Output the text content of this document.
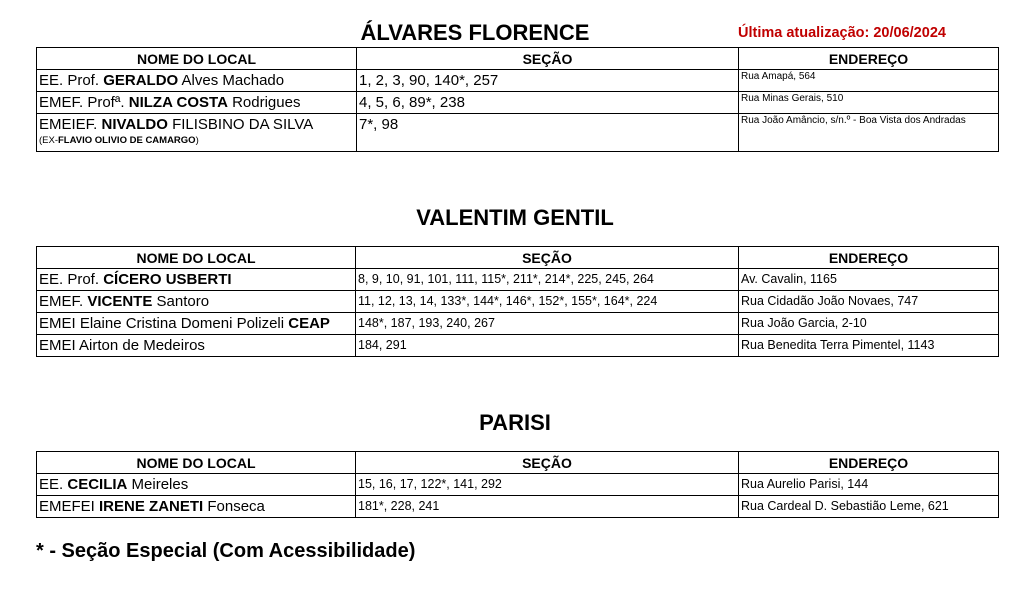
ÁLVARES FLORENCE	Última atualização: 20/06/2024
NOME DO LOCAL	SEÇÃO	ENDEREÇO
EE. Prof. GERALDO Alves Machado	1, 2, 3, 90, 140*, 257	Rua Amapá, 564
EMEF. Profª. NILZA COSTA Rodrigues	4, 5, 6, 89*, 238	Rua Minas Gerais, 510
EMEIEF. NIVALDO FILISBINO DA SILVA
(EX-FLAVIO OLIVIO DE CAMARGO)	7*, 98	Rua João Amâncio, s/n.º - Boa Vista dos Andradas
VALENTIM GENTIL
NOME DO LOCAL	SEÇÃO	ENDEREÇO
EE. Prof. CÍCERO USBERTI	8, 9, 10, 91, 101, 111, 115*, 211*, 214*, 225, 245, 264	Av. Cavalin, 1165
EMEF. VICENTE Santoro	11, 12, 13, 14, 133*, 144*, 146*, 152*, 155*, 164*, 224	Rua Cidadão João Novaes, 747
EMEI Elaine Cristina Domeni Polizeli CEAP	148*, 187, 193, 240, 267	Rua João Garcia, 2-10
EMEI Airton de Medeiros	184, 291	Rua Benedita Terra Pimentel, 1143
PARISI
NOME DO LOCAL	SEÇÃO	ENDEREÇO
EE. CECILIA Meireles	15, 16, 17, 122*, 141, 292	Rua Aurelio Parisi, 144
EMEFEI IRENE ZANETI Fonseca	181*, 228, 241	Rua Cardeal D. Sebastião Leme, 621
* - Seção Especial (Com Acessibilidade)
